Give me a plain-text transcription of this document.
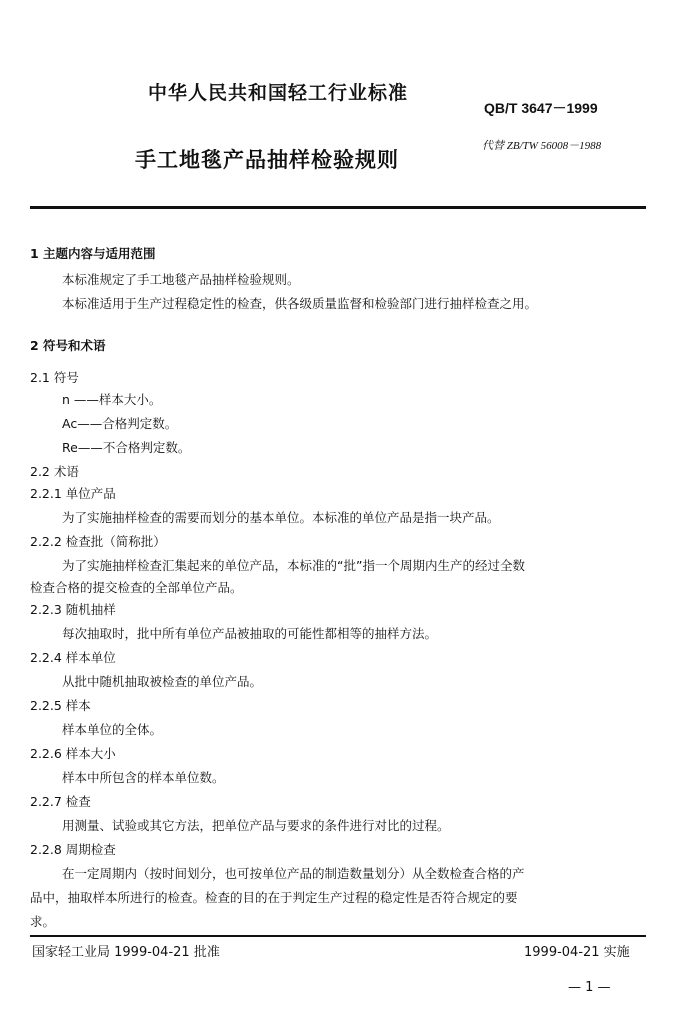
中华人民共和国轻工行业标准
QB/T 3647－1999
手工地毯产品抽样检验规则
代替 ZB/TW 56008－1988
1 主题内容与适用范围
本标准规定了手工地毯产品抽样检验规则。
本标准适用于生产过程稳定性的检查，供各级质量监督和检验部门进行抽样检查之用。
2 符号和术语
2.1 符号
n ——样本大小。
Ac——合格判定数。
Re——不合格判定数。
2.2 术语
2.2.1 单位产品
为了实施抽样检查的需要而划分的基本单位。本标准的单位产品是指一块产品。
2.2.2 检查批（简称批）
为了实施抽样检查汇集起来的单位产品，本标准的“批”指一个周期内生产的经过全数
检查合格的提交检查的全部单位产品。
2.2.3 随机抽样
每次抽取时，批中所有单位产品被抽取的可能性都相等的抽样方法。
2.2.4 样本单位
从批中随机抽取被检查的单位产品。
2.2.5 样本
样本单位的全体。
2.2.6 样本大小
样本中所包含的样本单位数。
2.2.7 检查
用测量、试验或其它方法，把单位产品与要求的条件进行对比的过程。
2.2.8 周期检查
在一定周期内（按时间划分，也可按单位产品的制造数量划分）从全数检查合格的产
品中，抽取样本所进行的检查。检查的目的在于判定生产过程的稳定性是否符合规定的要
求。
国家轻工业局 1999-04-21 批准	1999-04-21 实施
— 1 —
